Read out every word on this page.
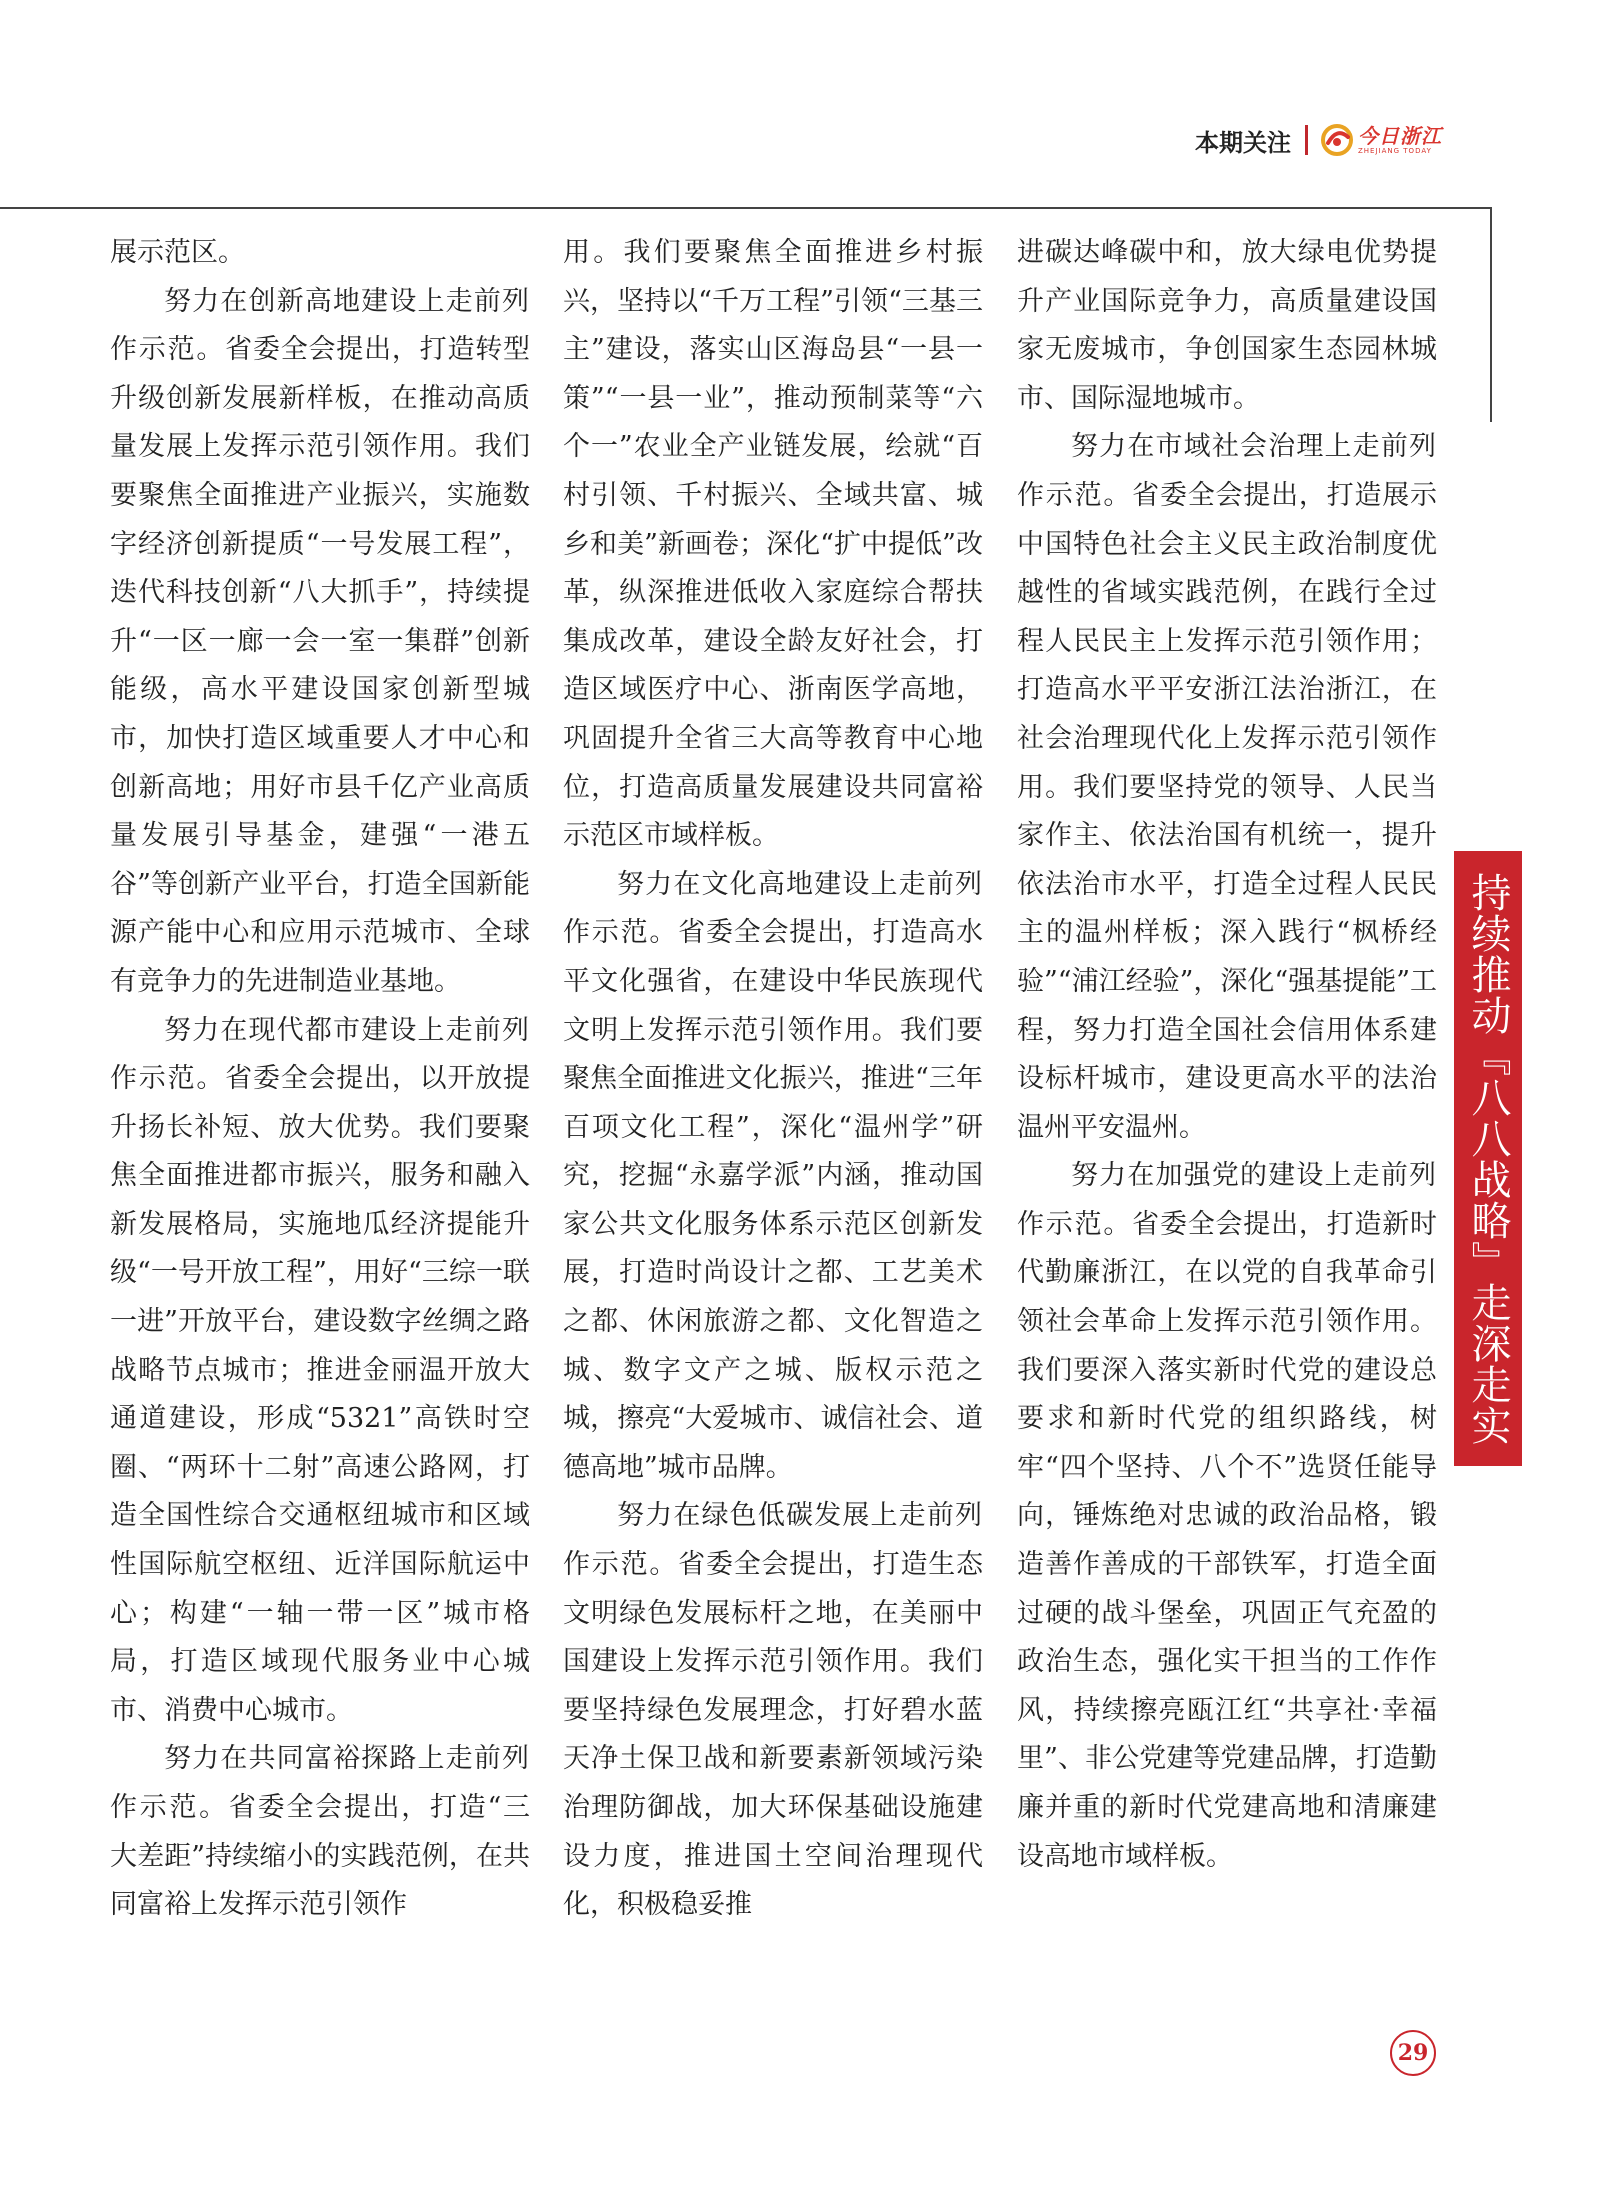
本期关注	今日浙江
ZHEJIANG TODAY

展示范区。

努力在创新高地建设上走前列作示范。省委全会提出，打造转型升级创新发展新样板，在推动高质量发展上发挥示范引领作用。我们要聚焦全面推进产业振兴，实施数字经济创新提质“一号发展工程”，迭代科技创新“八大抓手”，持续提升“一区一廊一会一室一集群”创新能级，高水平建设国家创新型城市，加快打造区域重要人才中心和创新高地；用好市县千亿产业高质量发展引导基金，建强“一港五谷”等创新产业平台，打造全国新能源产能中心和应用示范城市、全球有竞争力的先进制造业基地。

努力在现代都市建设上走前列作示范。省委全会提出，以开放提升扬长补短、放大优势。我们要聚焦全面推进都市振兴，服务和融入新发展格局，实施地瓜经济提能升级“一号开放工程”，用好“三综一联一进”开放平台，建设数字丝绸之路战略节点城市；推进金丽温开放大通道建设，形成“5321”高铁时空圈、“两环十二射”高速公路网，打造全国性综合交通枢纽城市和区域性国际航空枢纽、近洋国际航运中心；构建“一轴一带一区”城市格局，打造区域现代服务业中心城市、消费中心城市。

努力在共同富裕探路上走前列作示范。省委全会提出，打造“三大差距”持续缩小的实践范例，在共同富裕上发挥示范引领作

用。我们要聚焦全面推进乡村振兴，坚持以“千万工程”引领“三基三主”建设，落实山区海岛县“一县一策”“一县一业”，推动预制菜等“六个一”农业全产业链发展，绘就“百村引领、千村振兴、全域共富、城乡和美”新画卷；深化“扩中提低”改革，纵深推进低收入家庭综合帮扶集成改革，建设全龄友好社会，打造区域医疗中心、浙南医学高地，巩固提升全省三大高等教育中心地位，打造高质量发展建设共同富裕示范区市域样板。

努力在文化高地建设上走前列作示范。省委全会提出，打造高水平文化强省，在建设中华民族现代文明上发挥示范引领作用。我们要聚焦全面推进文化振兴，推进“三年百项文化工程”，深化“温州学”研究，挖掘“永嘉学派”内涵，推动国家公共文化服务体系示范区创新发展，打造时尚设计之都、工艺美术之都、休闲旅游之都、文化智造之城、数字文产之城、版权示范之城，擦亮“大爱城市、诚信社会、道德高地”城市品牌。

努力在绿色低碳发展上走前列作示范。省委全会提出，打造生态文明绿色发展标杆之地，在美丽中国建设上发挥示范引领作用。我们要坚持绿色发展理念，打好碧水蓝天净土保卫战和新要素新领域污染治理防御战，加大环保基础设施建设力度，推进国土空间治理现代化，积极稳妥推

进碳达峰碳中和，放大绿电优势提升产业国际竞争力，高质量建设国家无废城市，争创国家生态园林城市、国际湿地城市。

努力在市域社会治理上走前列作示范。省委全会提出，打造展示中国特色社会主义民主政治制度优越性的省域实践范例，在践行全过程人民民主上发挥示范引领作用；打造高水平平安浙江法治浙江，在社会治理现代化上发挥示范引领作用。我们要坚持党的领导、人民当家作主、依法治国有机统一，提升依法治市水平，打造全过程人民民主的温州样板；深入践行“枫桥经验”“浦江经验”，深化“强基提能”工程，努力打造全国社会信用体系建设标杆城市，建设更高水平的法治温州平安温州。

努力在加强党的建设上走前列作示范。省委全会提出，打造新时代勤廉浙江，在以党的自我革命引领社会革命上发挥示范引领作用。我们要深入落实新时代党的建设总要求和新时代党的组织路线，树牢“四个坚持、八个不”选贤任能导向，锤炼绝对忠诚的政治品格，锻造善作善成的干部铁军，打造全面过硬的战斗堡垒，巩固正气充盈的政治生态，强化实干担当的工作作风，持续擦亮瓯江红“共享社·幸福里”、非公党建等党建品牌，打造勤廉并重的新时代党建高地和清廉建设高地市域样板。

持续推动『八八战略』走深走实
29
